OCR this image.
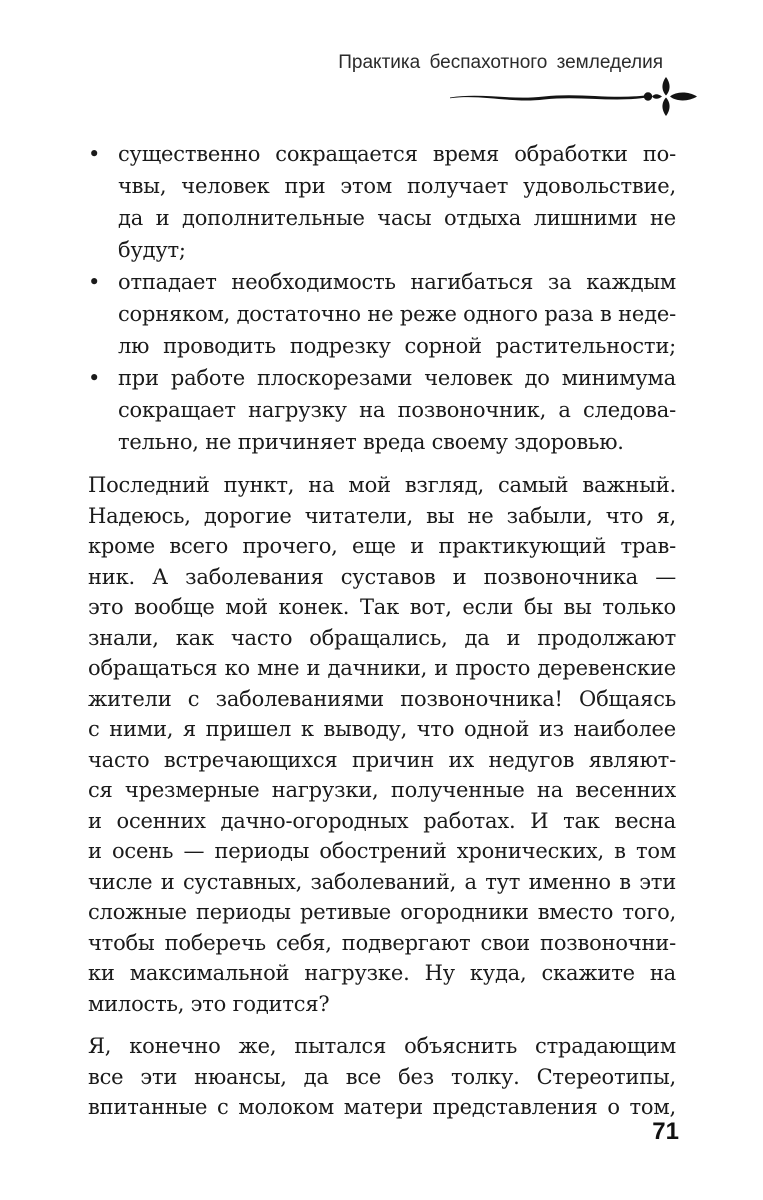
Практика беспахотного земледелия
• существенно сокращается время обработки по-
чвы, человек при этом получает удовольствие,
да и дополнительные часы отдыха лишними не
будут;
• отпадает необходимость нагибаться за каждым
сорняком, достаточно не реже одного раза в неде-
лю проводить подрезку сорной растительности;
• при работе плоскорезами человек до минимума
сокращает нагрузку на позвоночник, а следова-
тельно, не причиняет вреда своему здоровью.
Последний пункт, на мой взгляд, самый важный.
Надеюсь, дорогие читатели, вы не забыли, что я,
кроме всего прочего, еще и практикующий трав-
ник. А заболевания суставов и позвоночника —
это вообще мой конек. Так вот, если бы вы только
знали, как часто обращались, да и продолжают
обращаться ко мне и дачники, и просто деревенские
жители с заболеваниями позвоночника! Общаясь
с ними, я пришел к выводу, что одной из наиболее
часто встречающихся причин их недугов являют-
ся чрезмерные нагрузки, полученные на весенних
и осенних дачно-огородных работах. И так весна
и осень — периоды обострений хронических, в том
числе и суставных, заболеваний, а тут именно в эти
сложные периоды ретивые огородники вместо того,
чтобы поберечь себя, подвергают свои позвоночни-
ки максимальной нагрузке. Ну куда, скажите на
милость, это годится?
Я, конечно же, пытался объяснить страдающим
все эти нюансы, да все без толку. Стереотипы,
впитанные с молоком матери представления о том,
71
